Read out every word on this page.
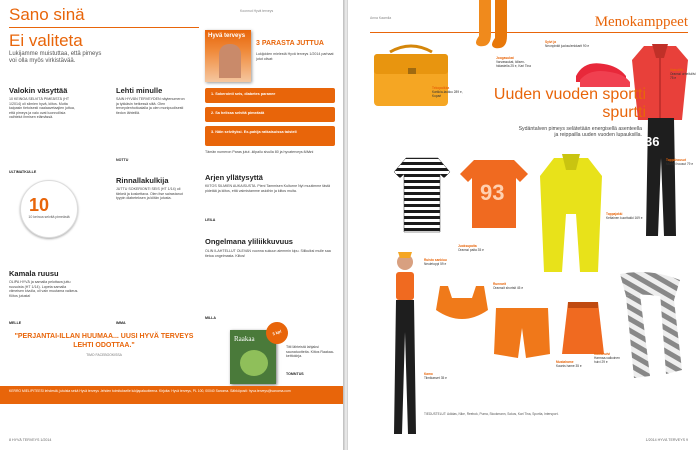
Sano sinä	Koonnut Hyvä terveys
Ei valiteta
Lukijamme muistuttaa, että pimeys voi olla myös virkistävää.
Valokin väsyttää
10 KEINOA SELVITÄ PIMEÄSTÄ (HT 1/2014) oli silmien hyvä, kiitos. Mutta kaipasin tietoisesti vaalaavetaajien juttua, että pimeys ja valo ovat luonnollisia vaihtelut ihmisen elämässä.
ULTIMATKULLE
10
10 keinoa selvitä pimeästä
Kamala ruusu
OLIPA HYVÄ ja samalla pelottava juttu ruusuista (HT 1/14). Lopeta samalla viimeisen kivulla, oli vain muutama vaikeus. Kiitos jutusta!
MELLE
Lehti minulle
SAIN HYVÄN TERVEYDEN näytenumeron ja tykkäsin hetkessä siitä. Olen terveydenhoitoalalla ja olen monipuolisesti tiedon lähteillä.
NOTTU
Rinnallakulkija
JUTTU SOKERIONTI SEIS (HT 1/14) oli tärkeä ja koskettava. Olen itse sairastanut tyypin diabeteksen ja kiitän jutusta.
IMMA
Hyvä terveys
3 PARASTA JUTTUA
Lukijoiden mielestä Hyvä terveys 1/2014 parhaat jutut olivat:
1. Sokerointi seis, diabetes paranee
2. Sa helissa selvitä pimeästä
3. Näin selvityksi. Ex-pahija ratkaisuissa taisteli
Tämän numeron Paras jutut -kilpailu sivulla 80 ja hyvaterveys.fi/ääni
Arjen yllätysyttä
KIITOS SILMIEN AUKAISUSTA. Pieni Tammisen Kulturne Nyt muutimme tästä pidetää ja kiitos, että valmistamme asioihin ja kiitos muita.
LEILA
Ongelmana yliliikkuvuus
OLIN ILAHTELLUT OLEVAN vuonna sukuun aiemmin kipu. Silikuiksi mulle saa tietoa ongelmasta. Kiitos!
MILLA
"PERJANTAI-ILLAN HUUMAA... UUSI HYVÄ TERVEYS LEHTI ODOTTAA."
TIMO FACEBOOKISSA
Raakaa
3 kpl
Tiiti lähteistä lahjaksi saunatuotteita. Kiitos Raakaa-keittokirja.
TOMNTUS
KERRO MIELIPITEESI lehdestä, jutuista sekä Hyvä terveys -lehden toimitukselle lukijapalautteena. Kirjoita: Hyvä terveys, PL 100, 00040 Sanoma. Sähköposti: hyva.terveys@sanoma.com
8 HYVÄ TERVEYS 1/2014
Anna Kaamila	Menokamppeet
Tekopaikka
Karkkia-laukku 289 e, Kupari
Joogasukat
Varvassukat, kilisen-hidastella 25 e, Kari Tina
Sylvi ja
Neonpinkit juoksulenkkarit 90 e
Vaaruliiv
Oranssi urheiluliivi 75 e
Uuden vuoden sportti spurtti
Sydäntalven pimeys selätetään energisellä asenteella ja reippailla uuden vuoden lupauksilla. 36
Toppahousut
Mustat housut 79 e
93
Toppajakki
Keltainen kuoritakki 169 e
Ruisto sankiuu
Neuletoppi 59 e
Juoksupaita
Oranssi paita 35 e
Runnarit
Oranssit shortsit 45 e
Kaulahuivi
Harmaa-valkoinen huivi 29 e
Mustahame
Kaunis hame 35 e
Kamo
Tiimikasvet 35 e
TIEDUSTELUT: Adidas, Nike, Reebok, Puma, Stockmann, Sokos, Kari Tina, Sportia, Intersport.
1/2014 HYVÄ TERVEYS 9
